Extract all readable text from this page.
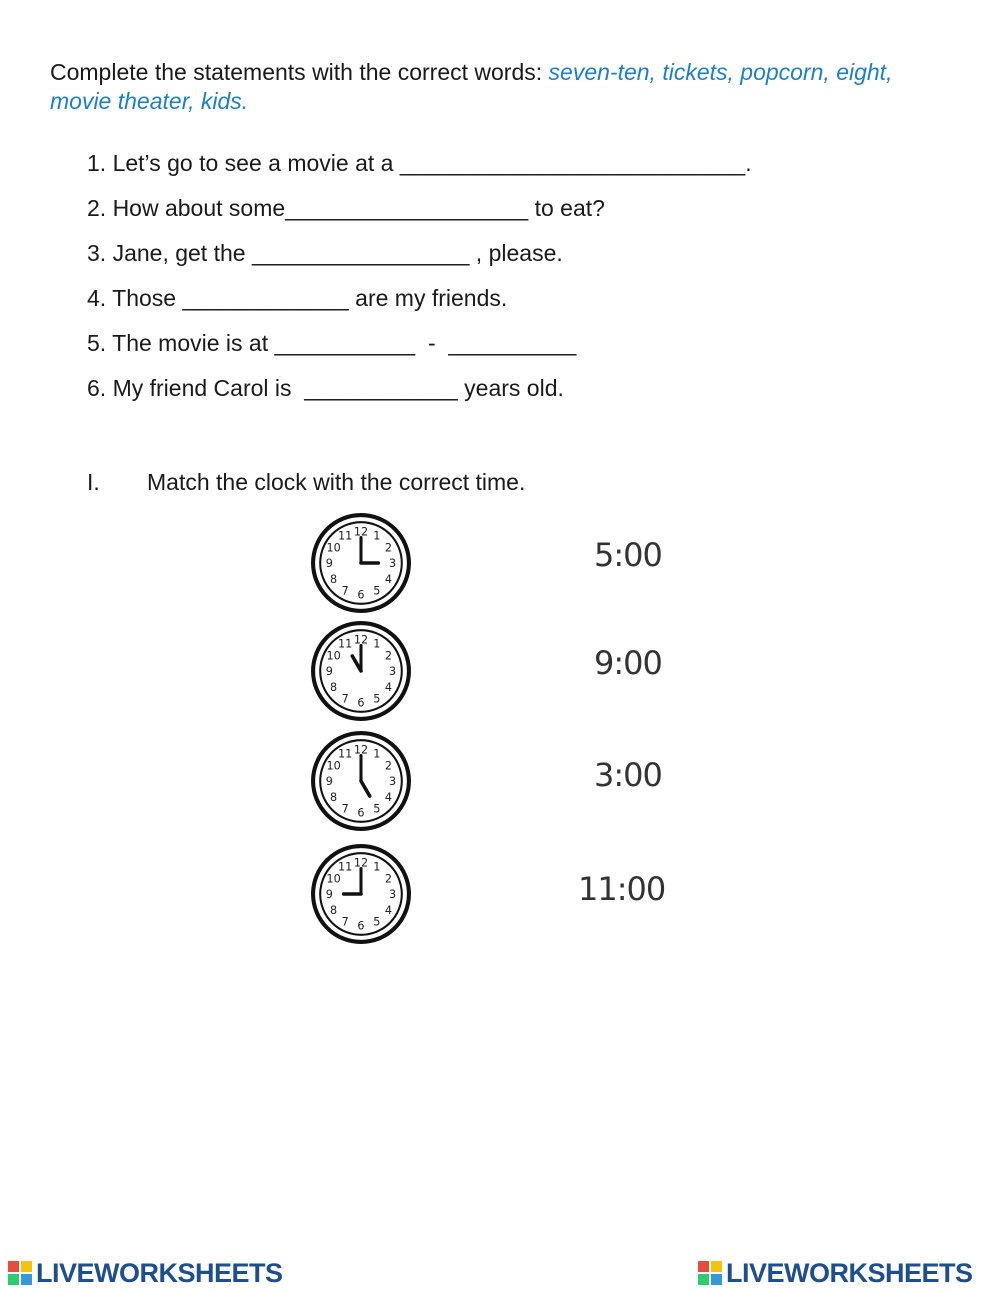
Complete the statements with the correct words: seven-ten, tickets, popcorn, eight, movie theater, kids.
1. Let’s go to see a movie at a ___________________________.
2. How about some___________________ to eat?
3. Jane, get the _________________ , please.
4. Those _____________ are my friends.
5. The movie is at ___________  -  __________
6. My friend Carol is  ____________ years old.
I. Match the clock with the correct time.
1
2
3
4
5
6
7
8
9
10
11 12
1
2
3
4
5
6
7
8
9
10
11 12
1
2
3
4
5
6
7
8
9
10
11 12
1
2
3
4
5
6
7
8
9
10
11 12
5:00
9:00
3:00
11:00
LIVEWORKSHEETS	LIVEWORKSHEETS
